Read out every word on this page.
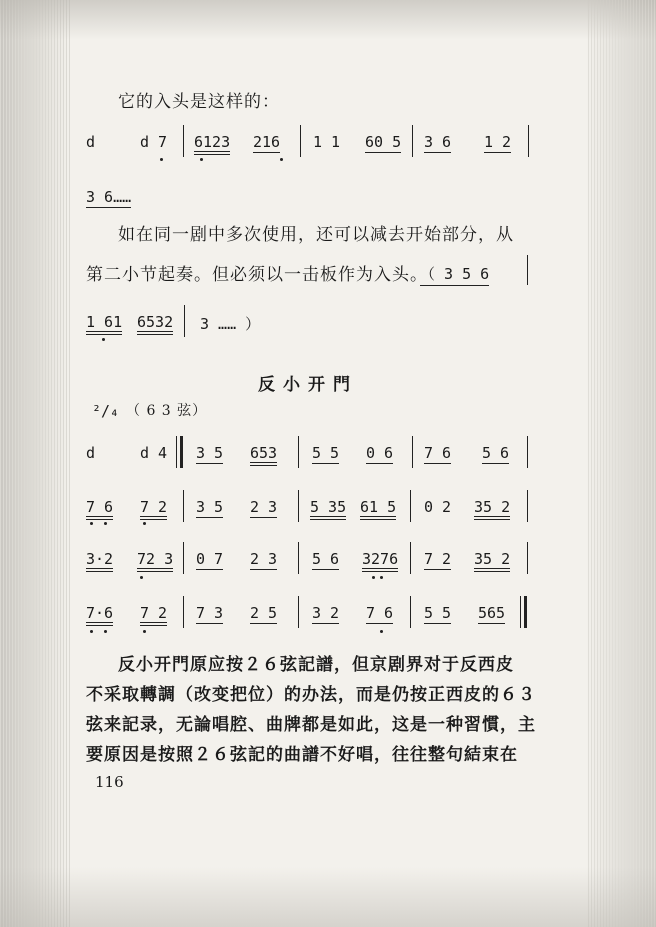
它的入头是这样的：
d	d 7 6123 216 1 1 60 5 3 6 1 2
3 6……
如在同一剧中多次使用，还可以减去开始部分，从
第二小节起奏。但必须以一击板作为入头。
（ 3 5 6
1 61 6532 3 …… ）
反小开門
²/₄ （ 6 3 弦）
d	d 4 3 5 653 5 5 0 6 7 6 5 6
7 6 7 2 3 5 2 3 5 35 61 5 0 2 35 2
3·2 72 3 0 7 2 3 5 6 3276 7 2 35 2
7·6 7 2 7 3 2 5 3 2 7 6 5 5 565
反小开門原应按２６弦記譜，但京剧界对于反西皮
不采取轉調（改变把位）的办法，而是仍按正西皮的６３
弦来記录，无論唱腔、曲牌都是如此，这是一种習慣，主
要原因是按照２６弦記的曲譜不好唱，往往整句結束在
116
